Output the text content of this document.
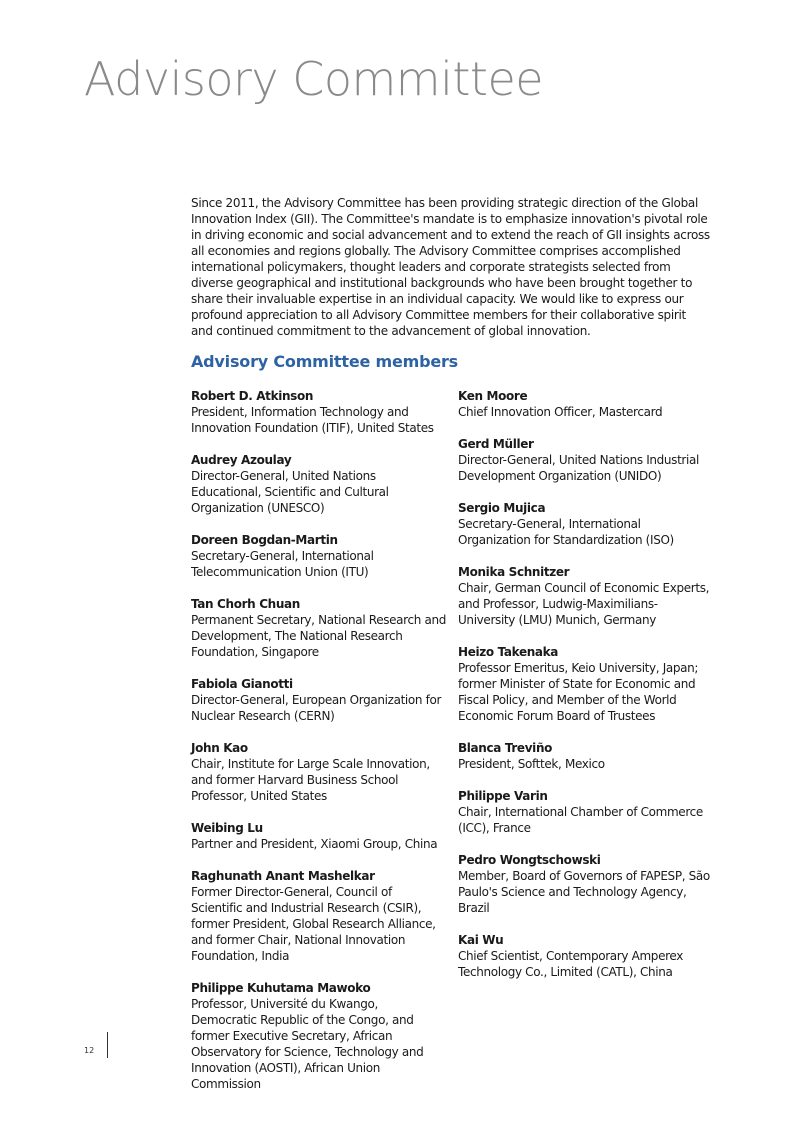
Advisory Committee

Since 2011, the Advisory Committee has been providing strategic direction of the Global Innovation Index (GII). The Committee's mandate is to emphasize innovation's pivotal role in driving economic and social advancement and to extend the reach of GII insights across all economies and regions globally. The Advisory Committee comprises accomplished international policymakers, thought leaders and corporate strategists selected from diverse geographical and institutional backgrounds who have been brought together to share their invaluable expertise in an individual capacity. We would like to express our profound appreciation to all Advisory Committee members for their collaborative spirit and continued commitment to the advancement of global innovation.

Advisory Committee members
Robert D. Atkinson
President, Information Technology and Innovation Foundation (ITIF), United States
Audrey Azoulay
Director-General, United Nations Educational, Scientific and Cultural Organization (UNESCO)
Doreen Bogdan-Martin
Secretary-General, International Telecommunication Union (ITU)
Tan Chorh Chuan
Permanent Secretary, National Research and Development, The National Research Foundation, Singapore
Fabiola Gianotti
Director-General, European Organization for Nuclear Research (CERN)
John Kao
Chair, Institute for Large Scale Innovation, and former Harvard Business School Professor, United States
Weibing Lu
Partner and President, Xiaomi Group, China
Raghunath Anant Mashelkar
Former Director-General, Council of Scientific and Industrial Research (CSIR), former President, Global Research Alliance, and former Chair, National Innovation Foundation, India
Philippe Kuhutama Mawoko
Professor, Université du Kwango, Democratic Republic of the Congo, and former Executive Secretary, African Observatory for Science, Technology and Innovation (AOSTI), African Union Commission
Ken Moore
Chief Innovation Officer, Mastercard
Gerd Müller
Director-General, United Nations Industrial Development Organization (UNIDO)
Sergio Mujica
Secretary-General, International Organization for Standardization (ISO)
Monika Schnitzer
Chair, German Council of Economic Experts, and Professor, Ludwig-Maximilians-University (LMU) Munich, Germany
Heizo Takenaka
Professor Emeritus, Keio University, Japan; former Minister of State for Economic and Fiscal Policy, and Member of the World Economic Forum Board of Trustees
Blanca Treviño
President, Softtek, Mexico
Philippe Varin
Chair, International Chamber of Commerce (ICC), France
Pedro Wongtschowski
Member, Board of Governors of FAPESP, São Paulo's Science and Technology Agency, Brazil
Kai Wu
Chief Scientist, Contemporary Amperex Technology Co., Limited (CATL), China
12
